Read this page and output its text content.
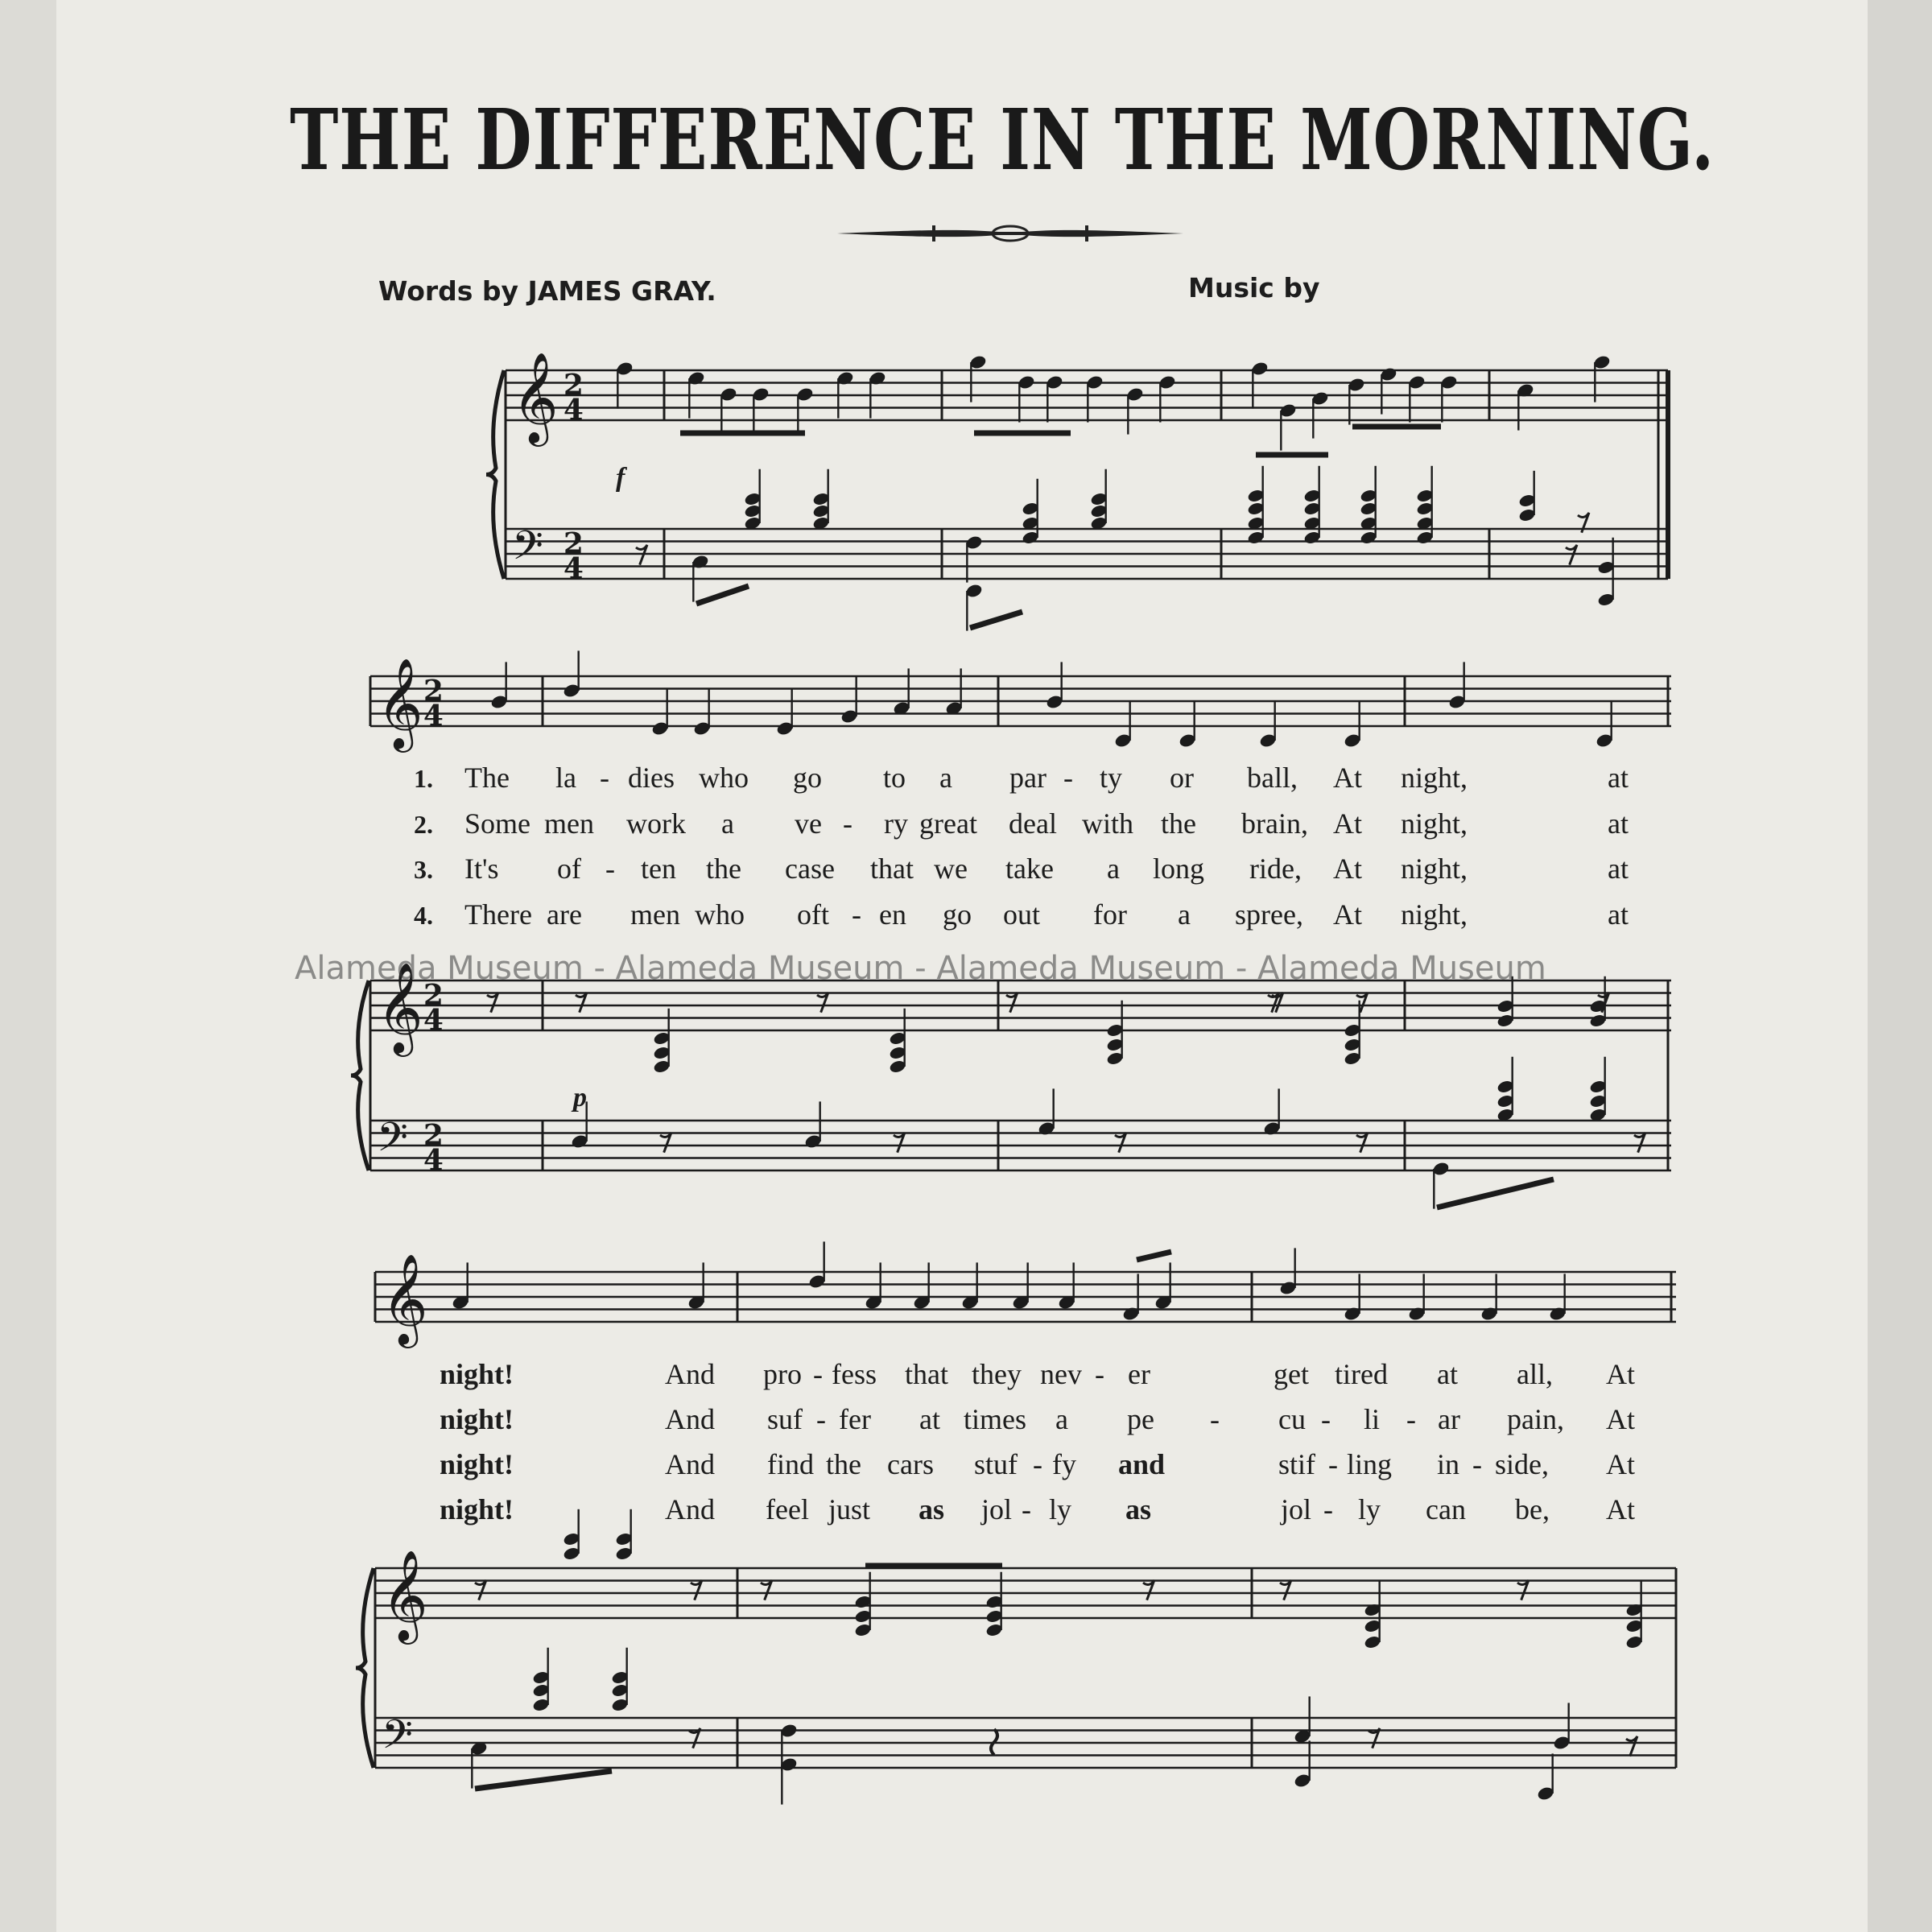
THE DIFFERENCE IN THE MORNING.
Words by JAMES GRAY.	Music by
𝄞
𝄢
2
4
2
4
𝄞 2
4
𝄞
𝄢
2
4
2
4
𝄞
𝄞
𝄢
f
p
1. The la - dies who go to a par - ty or ball, At night,	at
night!	And pro - fess that they nev - er	get tired at all, At
2. Some men work a ve - ry great deal with the brain, At night,	at
night!	And suf - fer at times a pe - cu - li - ar pain, At
3. It's of - ten the case that we take a long ride, At night,	at
night!	And find the cars stuf - fy and	stif - ling in - side, At
4. There are men who oft - en go out for a spree, At night,	at
night!	And feel just as jol - ly as	jol - ly can be, At
Alameda Museum - Alameda Museum - Alameda Museum - Alameda Museum
